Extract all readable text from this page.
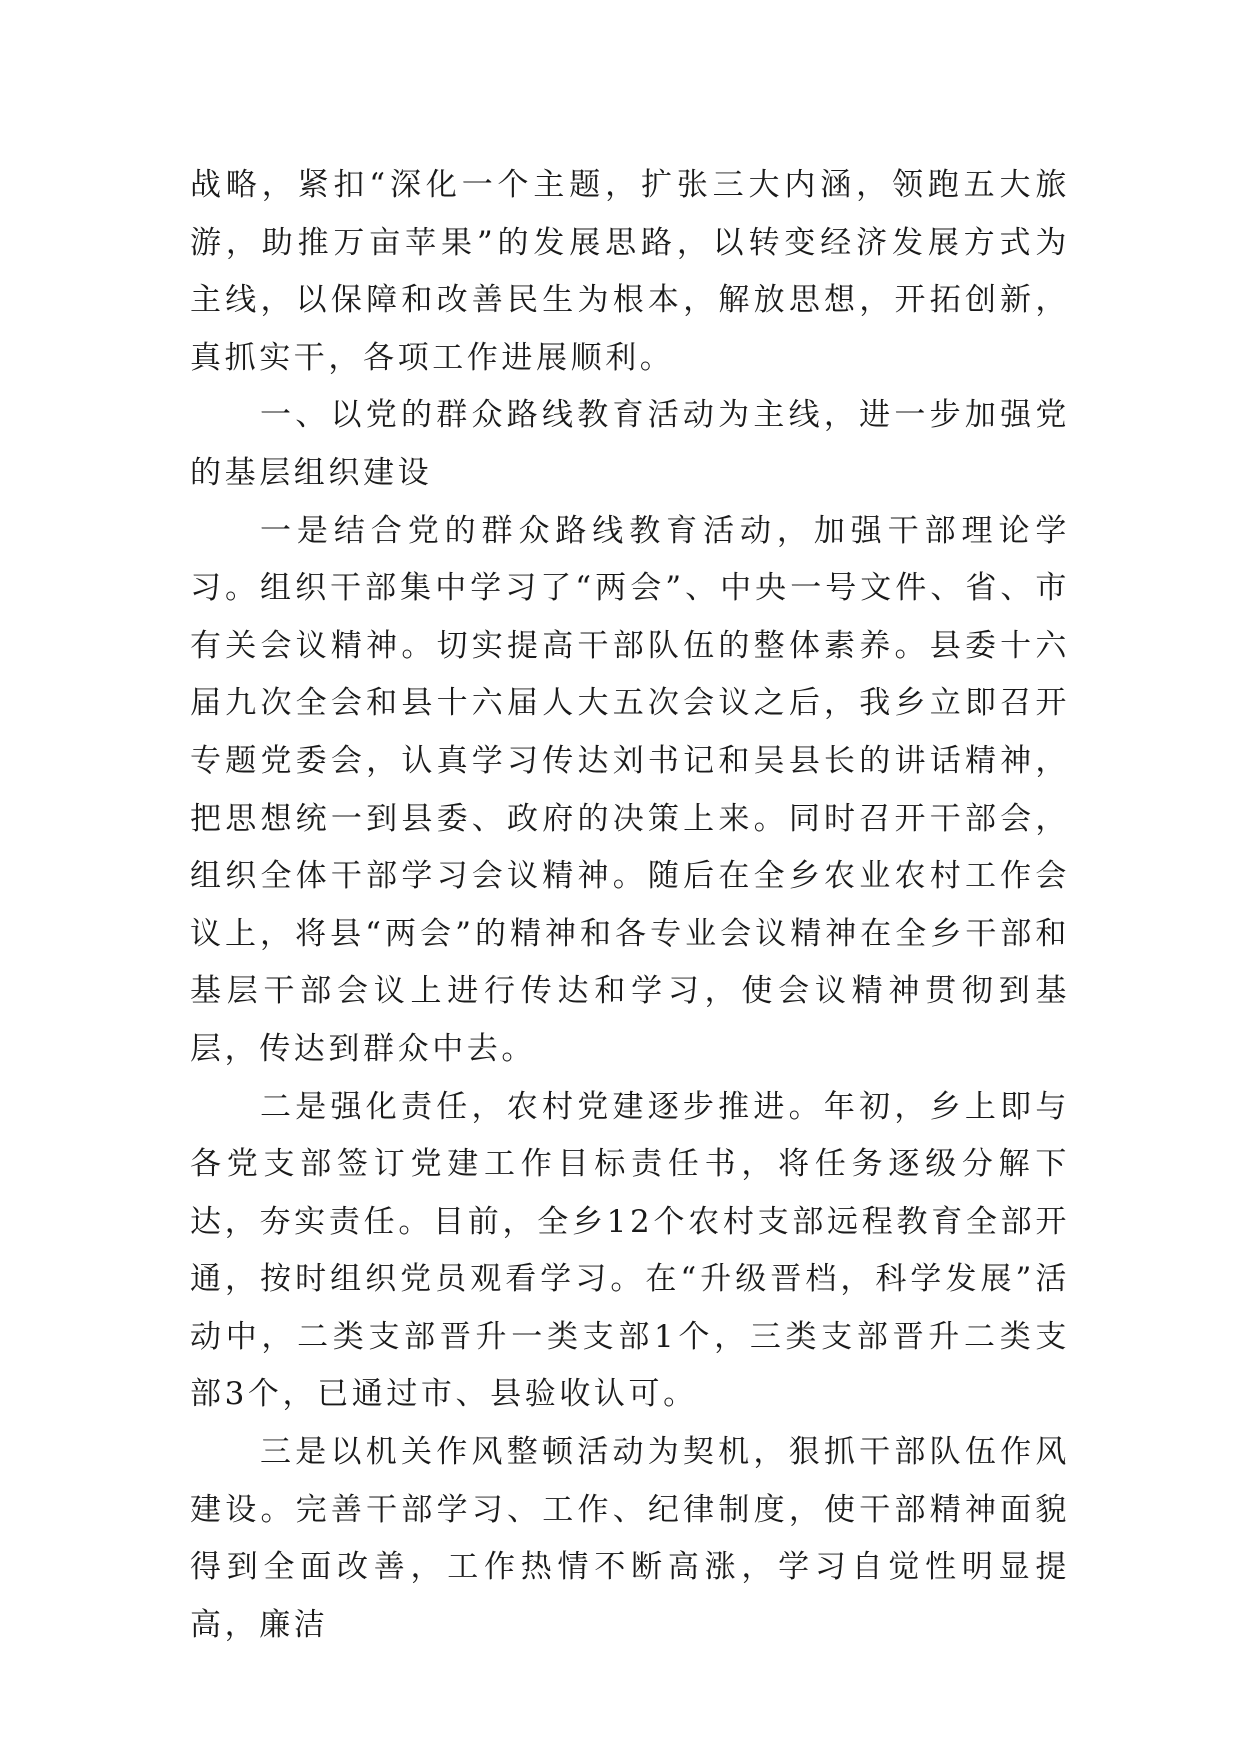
战略，紧扣“深化一个主题，扩张三大内涵，领跑五大旅游，助推万亩苹果”的发展思路，以转变经济发展方式为主线，以保障和改善民生为根本，解放思想，开拓创新，真抓实干，各项工作进展顺利。

一、以党的群众路线教育活动为主线，进一步加强党的基层组织建设

一是结合党的群众路线教育活动，加强干部理论学习。组织干部集中学习了“两会”、中央一号文件、省、市有关会议精神。切实提高干部队伍的整体素养。县委十六届九次全会和县十六届人大五次会议之后，我乡立即召开专题党委会，认真学习传达刘书记和吴县长的讲话精神，把思想统一到县委、政府的决策上来。同时召开干部会，组织全体干部学习会议精神。随后在全乡农业农村工作会议上，将县“两会”的精神和各专业会议精神在全乡干部和基层干部会议上进行传达和学习，使会议精神贯彻到基层，传达到群众中去。

二是强化责任，农村党建逐步推进。年初，乡上即与各党支部签订党建工作目标责任书，将任务逐级分解下达，夯实责任。目前，全乡12个农村支部远程教育全部开通，按时组织党员观看学习。在“升级晋档，科学发展”活动中，二类支部晋升一类支部1个，三类支部晋升二类支部3个，已通过市、县验收认可。

三是以机关作风整顿活动为契机，狠抓干部队伍作风建设。完善干部学习、工作、纪律制度，使干部精神面貌得到全面改善，工作热情不断高涨，学习自觉性明显提高，廉洁
